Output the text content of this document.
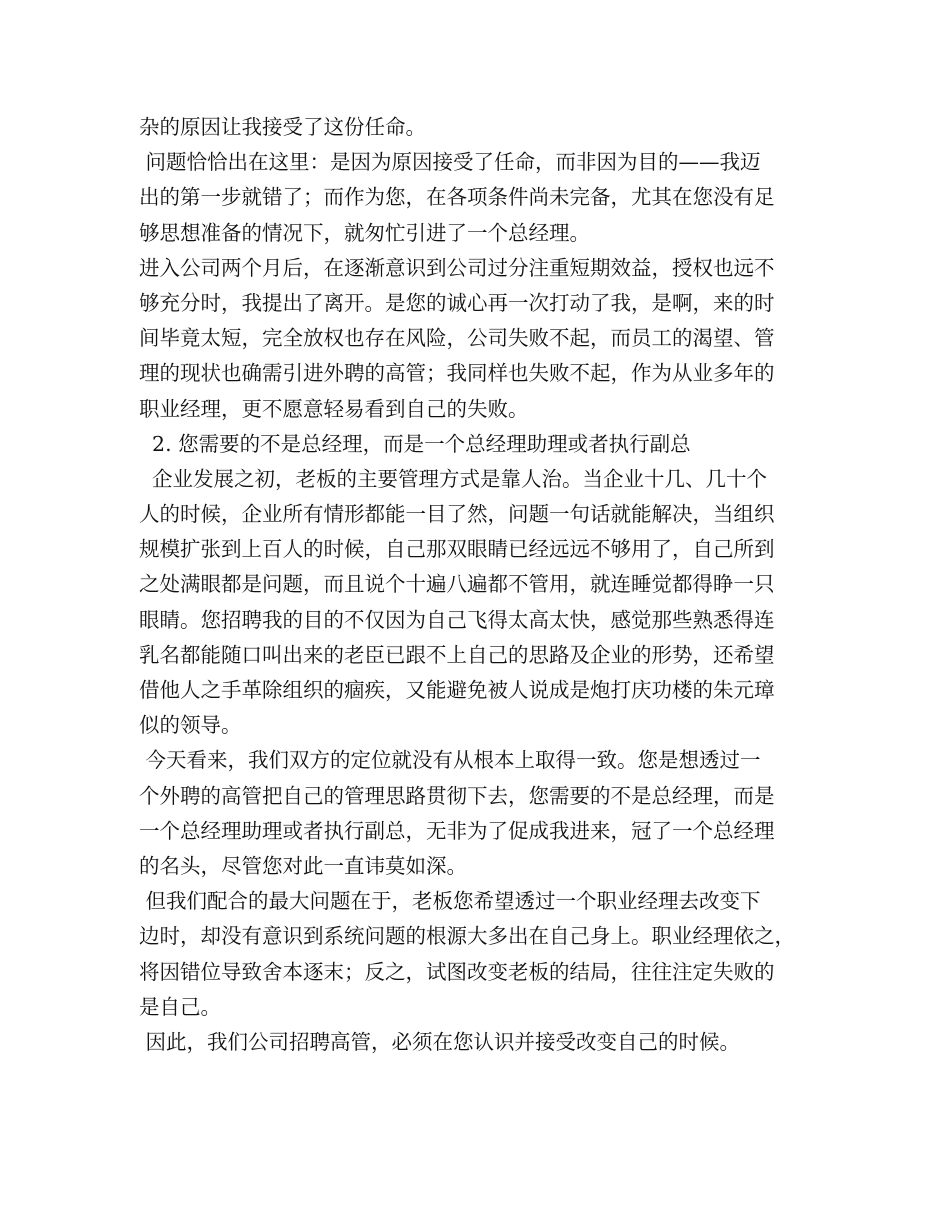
杂的原因让我接受了这份任命。
问题恰恰出在这里：是因为原因接受了任命，而非因为目的——我迈
出的第一步就错了；而作为您，在各项条件尚未完备，尤其在您没有足
够思想准备的情况下，就匆忙引进了一个总经理。
进入公司两个月后，在逐渐意识到公司过分注重短期效益，授权也远不
够充分时，我提出了离开。是您的诚心再一次打动了我，是啊，来的时
间毕竟太短，完全放权也存在风险，公司失败不起，而员工的渴望、管
理的现状也确需引进外聘的高管；我同样也失败不起，作为从业多年的
职业经理，更不愿意轻易看到自己的失败。
2. 您需要的不是总经理，而是一个总经理助理或者执行副总
企业发展之初，老板的主要管理方式是靠人治。当企业十几、几十个
人的时候，企业所有情形都能一目了然，问题一句话就能解决，当组织
规模扩张到上百人的时候，自己那双眼睛已经远远不够用了，自己所到
之处满眼都是问题，而且说个十遍八遍都不管用，就连睡觉都得睁一只
眼睛。您招聘我的目的不仅因为自己飞得太高太快，感觉那些熟悉得连
乳名都能随口叫出来的老臣已跟不上自己的思路及企业的形势，还希望
借他人之手革除组织的痼疾，又能避免被人说成是炮打庆功楼的朱元璋
似的领导。
今天看来，我们双方的定位就没有从根本上取得一致。您是想透过一
个外聘的高管把自己的管理思路贯彻下去，您需要的不是总经理，而是
一个总经理助理或者执行副总，无非为了促成我进来，冠了一个总经理
的名头，尽管您对此一直讳莫如深。
但我们配合的最大问题在于，老板您希望透过一个职业经理去改变下
边时，却没有意识到系统问题的根源大多出在自己身上。职业经理依之，
将因错位导致舍本逐末；反之，试图改变老板的结局，往往注定失败的
是自己。
因此，我们公司招聘高管，必须在您认识并接受改变自己的时候。
